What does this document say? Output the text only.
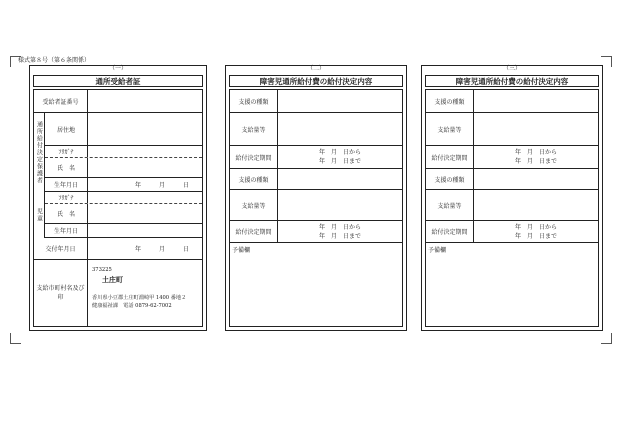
様式第８号（第６条関係）
（一）
通所受給者証
受給者証番号
通所給付決定保護者	居住地
ﾌﾘｶﾞﾅ
氏　名
生年月日	年　月　日
児童
ﾌﾘｶﾞﾅ
氏　名
生年月日
交付年月日	年　月　日
支給市町村名及び印
373225
土庄町
香川県小豆郡土庄町淵崎甲 1400 番地２
健康福祉課　電話 0879-62-7002
（二）
障害児通所給付費の給付決定内容
支援の種類
支給量等
給付決定期間
年　月　日から
年　月　日まで
支援の種類
支給量等
給付決定期間
年　月　日から
年　月　日まで
予備欄
（三）
障害児通所給付費の給付決定内容
支援の種類
支給量等
給付決定期間
年　月　日から
年　月　日まで
支援の種類
支給量等
給付決定期間
年　月　日から
年　月　日まで
予備欄
